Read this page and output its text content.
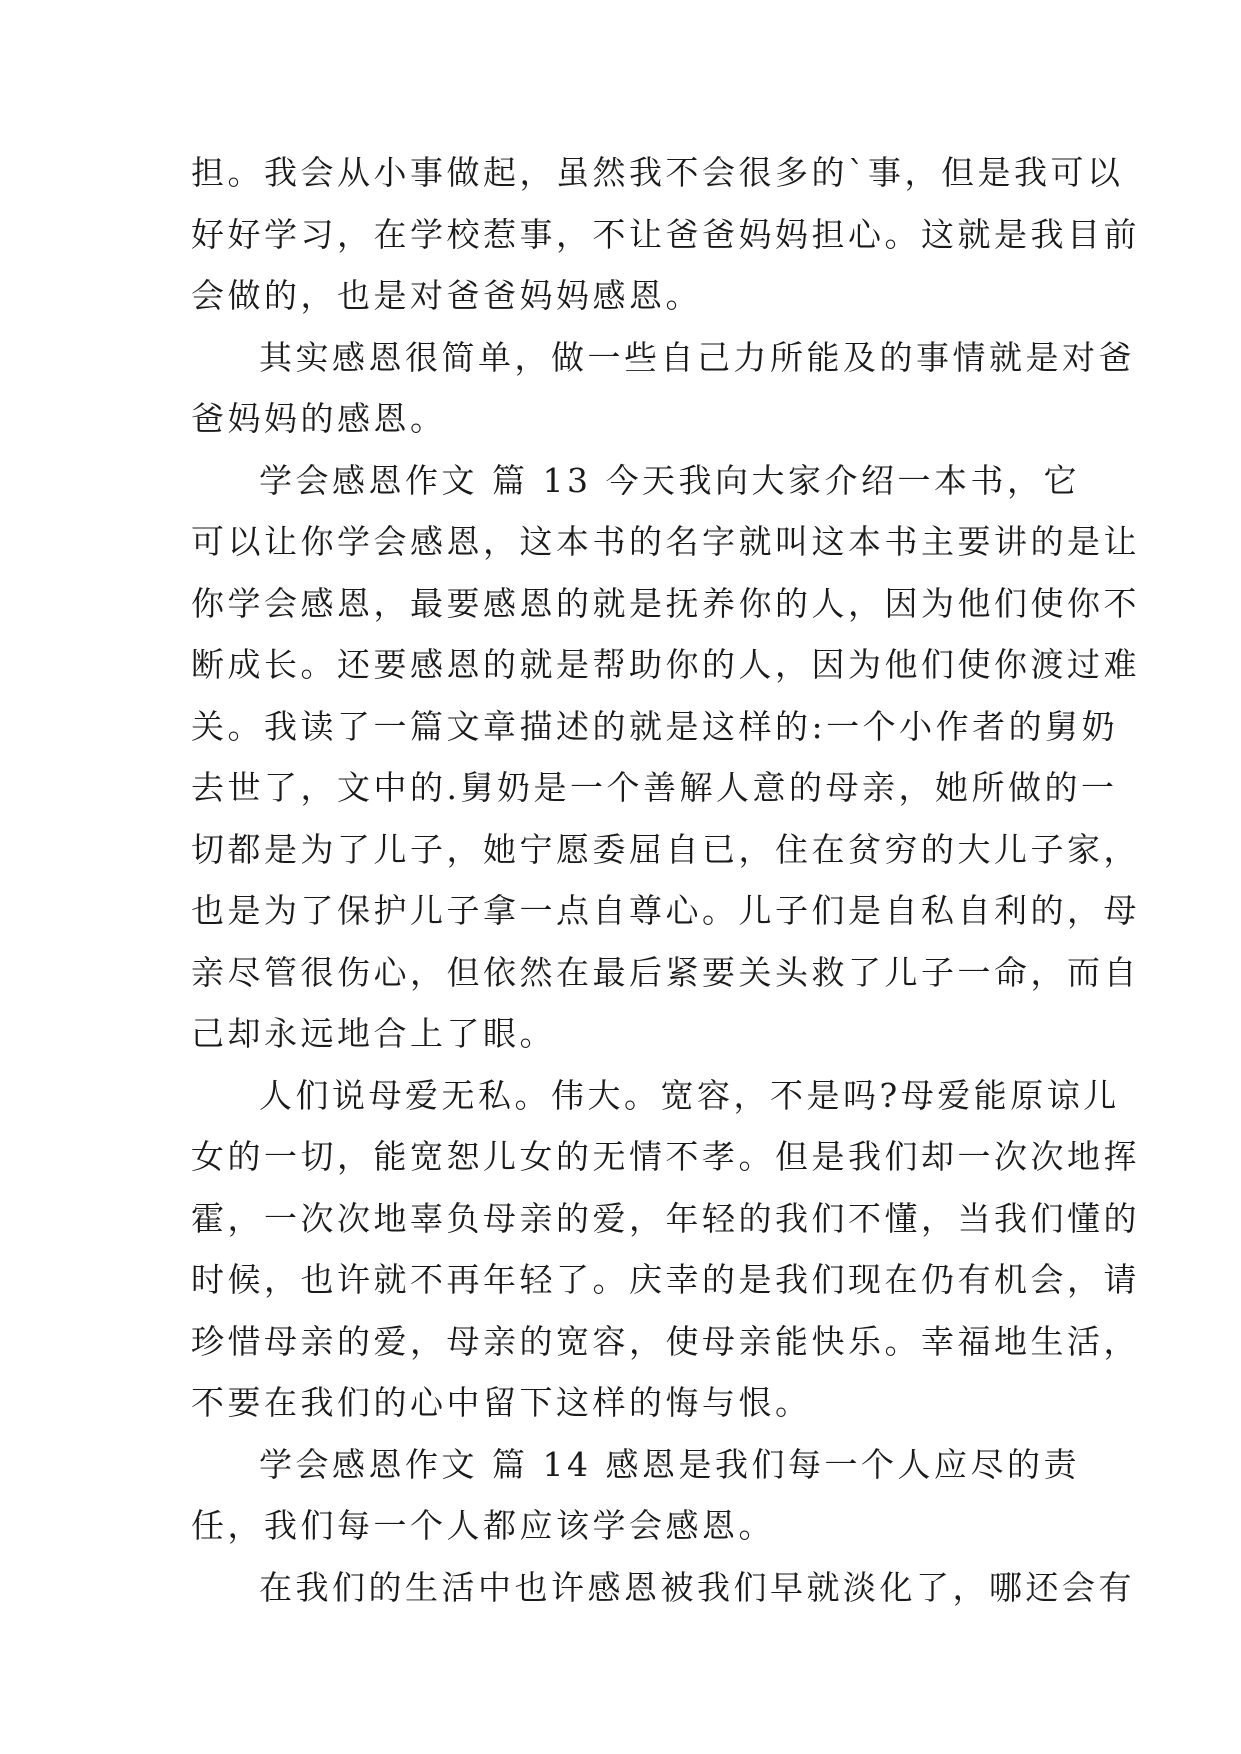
担。我会从小事做起，虽然我不会很多的`事，但是我可以
好好学习，在学校惹事，不让爸爸妈妈担心。这就是我目前
会做的，也是对爸爸妈妈感恩。
其实感恩很简单，做一些自己力所能及的事情就是对爸
爸妈妈的感恩。
学会感恩作文 篇 13 今天我向大家介绍一本书，它
可以让你学会感恩，这本书的名字就叫这本书主要讲的是让
你学会感恩，最要感恩的就是抚养你的人，因为他们使你不
断成长。还要感恩的就是帮助你的人，因为他们使你渡过难
关。我读了一篇文章描述的就是这样的:一个小作者的舅奶
去世了，文中的.舅奶是一个善解人意的母亲，她所做的一
切都是为了儿子，她宁愿委屈自已，住在贫穷的大儿子家，
也是为了保护儿子拿一点自尊心。儿子们是自私自利的，母
亲尽管很伤心，但依然在最后紧要关头救了儿子一命，而自
己却永远地合上了眼。
人们说母爱无私。伟大。宽容，不是吗?母爱能原谅儿
女的一切，能宽恕儿女的无情不孝。但是我们却一次次地挥
霍，一次次地辜负母亲的爱，年轻的我们不懂，当我们懂的
时候，也许就不再年轻了。庆幸的是我们现在仍有机会，请
珍惜母亲的爱，母亲的宽容，使母亲能快乐。幸福地生活，
不要在我们的心中留下这样的悔与恨。
学会感恩作文 篇 14 感恩是我们每一个人应尽的责
任，我们每一个人都应该学会感恩。
在我们的生活中也许感恩被我们早就淡化了，哪还会有
